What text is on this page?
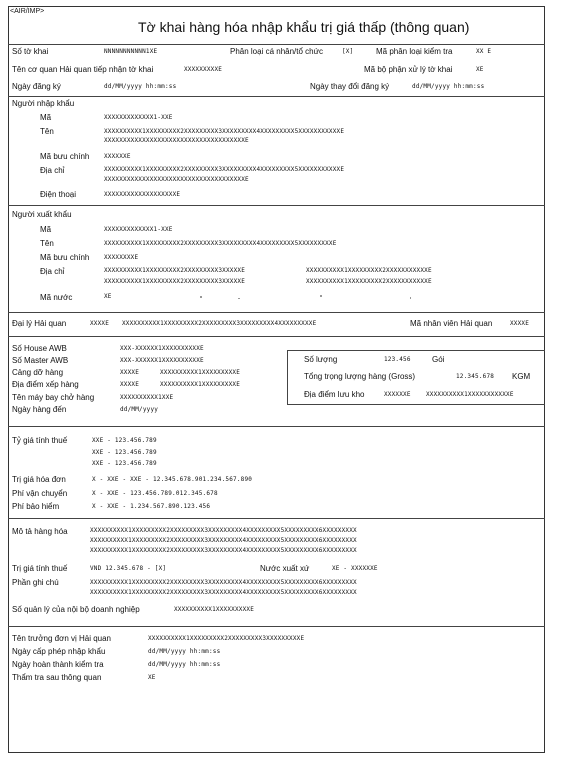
<AIR/IMP>
Tờ khai hàng hóa nhập khẩu trị giá thấp (thông quan)
Số tờ khai	NNNNNNNNNNN1XE	Phân loại cá nhân/tổ chức	[X]	Mã phân loại kiểm tra	XX E
Tên cơ quan Hải quan tiếp nhận tờ khai	XXXXXXXXXE	Mã bộ phận xử lý tờ khai	XE
Ngày đăng ký	dd/MM/yyyy hh:mm:ss	Ngày thay đổi đăng ký	dd/MM/yyyy hh:mm:ss
Người nhập khẩu
Mã	XXXXXXXXXXXXX1-XXE
Tên	XXXXXXXXXX1XXXXXXXXX2XXXXXXXXX3XXXXXXXXX4XXXXXXXXX5XXXXXXXXXXXE
XXXXXXXXXXXXXXXXXXXXXXXXXXXXXXXXXXXXXE
Mã bưu chính XXXXXXE
Địa chỉ	XXXXXXXXXX1XXXXXXXXX2XXXXXXXXX3XXXXXXXXX4XXXXXXXXX5XXXXXXXXXXXE
XXXXXXXXXXXXXXXXXXXXXXXXXXXXXXXXXXXXXE
Điện thoại	XXXXXXXXXXXXXXXXXXXE
Người xuất khẩu
Mã	XXXXXXXXXXXXX1-XXE
Tên	XXXXXXXXXX1XXXXXXXXX2XXXXXXXXX3XXXXXXXXX4XXXXXXXXX5XXXXXXXXXE
Mã bưu chính XXXXXXXXE
Địa chỉ	XXXXXXXXXX1XXXXXXXXX2XXXXXXXXX3XXXXXE	XXXXXXXXXX1XXXXXXXXX2XXXXXXXXXXXE
XXXXXXXXXX1XXXXXXXXX2XXXXXXXXX3XXXXXE	XXXXXXXXXX1XXXXXXXXX2XXXXXXXXXXXE
Mã nước	XE
Đại lý Hải quan	XXXXE XXXXXXXXXX1XXXXXXXXX2XXXXXXXXX3XXXXXXXXX4XXXXXXXXXE	Mã nhân viên Hải quan	XXXXE
Số House AWB	XXX-XXXXXX1XXXXXXXXXXE
Số Master AWB	XXX-XXXXXX1XXXXXXXXXXE
Cảng dỡ hàng	XXXXE	XXXXXXXXXX1XXXXXXXXXE
Địa điểm xếp hàng	XXXXE	XXXXXXXXXX1XXXXXXXXXE
Tên máy bay chở hàng	XXXXXXXXXX1XXE
Ngày hàng đến	dd/MM/yyyy
Số lượng	123.456	Gói
Tổng trọng lượng hàng (Gross)	12.345.678 KGM
Địa điểm lưu kho	XXXXXXE	XXXXXXXXXX1XXXXXXXXXXXE
Tỷ giá tính thuế	XXE - 123.456.789
XXE - 123.456.789
XXE - 123.456.789
Trị giá hóa đơn	X - XXE - XXE - 12.345.678.901.234.567.890
Phí vận chuyển	X - XXE - 123.456.789.012.345.678
Phí bảo hiểm	X - XXE - 1.234.567.890.123.456
Mô tả hàng hóa	XXXXXXXXXX1XXXXXXXXX2XXXXXXXXX3XXXXXXXXX4XXXXXXXXX5XXXXXXXXX6XXXXXXXXX
XXXXXXXXXX1XXXXXXXXX2XXXXXXXXX3XXXXXXXXX4XXXXXXXXX5XXXXXXXXX6XXXXXXXXX
XXXXXXXXXX1XXXXXXXXX2XXXXXXXXX3XXXXXXXXX4XXXXXXXXX5XXXXXXXXX6XXXXXXXXX
Trị giá tính thuế	VND 12.345.678 - [X]	Nước xuất xứ	XE - XXXXXXE
Phần ghi chú	XXXXXXXXXX1XXXXXXXXX2XXXXXXXXX3XXXXXXXXX4XXXXXXXXX5XXXXXXXXX6XXXXXXXXX
XXXXXXXXXX1XXXXXXXXX2XXXXXXXXX3XXXXXXXXX4XXXXXXXXX5XXXXXXXXX6XXXXXXXXX
Số quản lý của nội bộ doanh nghiệp	XXXXXXXXXX1XXXXXXXXXE
Tên trưởng đơn vị Hải quan	XXXXXXXXXX1XXXXXXXXX2XXXXXXXXX3XXXXXXXXXE
Ngày cấp phép nhập khẩu	dd/MM/yyyy hh:mm:ss
Ngày hoàn thành kiểm tra	dd/MM/yyyy hh:mm:ss
Thẩm tra sau thông quan	XE
